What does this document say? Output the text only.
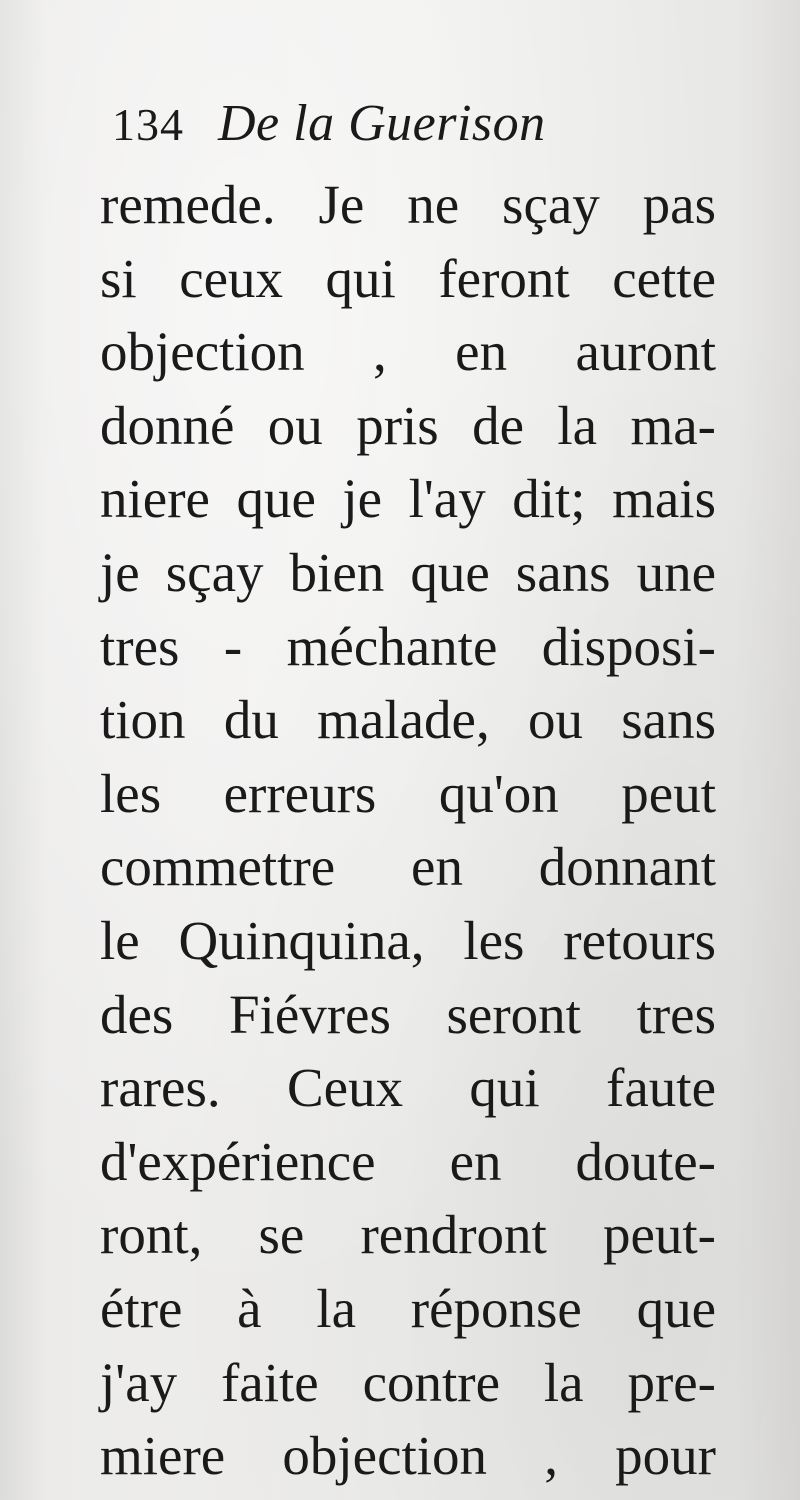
134 De la Guerison
remede. Je ne sçay pas
si ceux qui feront cette
objection , en auront
donné ou pris de la ma-
niere que je l'ay dit; mais
je sçay bien que sans une
tres - méchante disposi-
tion du malade, ou sans
les erreurs qu'on peut
commettre en donnant
le Quinquina, les retours
des Fiévres seront tres
rares. Ceux qui faute
d'expérience en doute-
ront, se rendront peut-
étre à la réponse que
j'ay faite contre la pre-
miere objection , pour
